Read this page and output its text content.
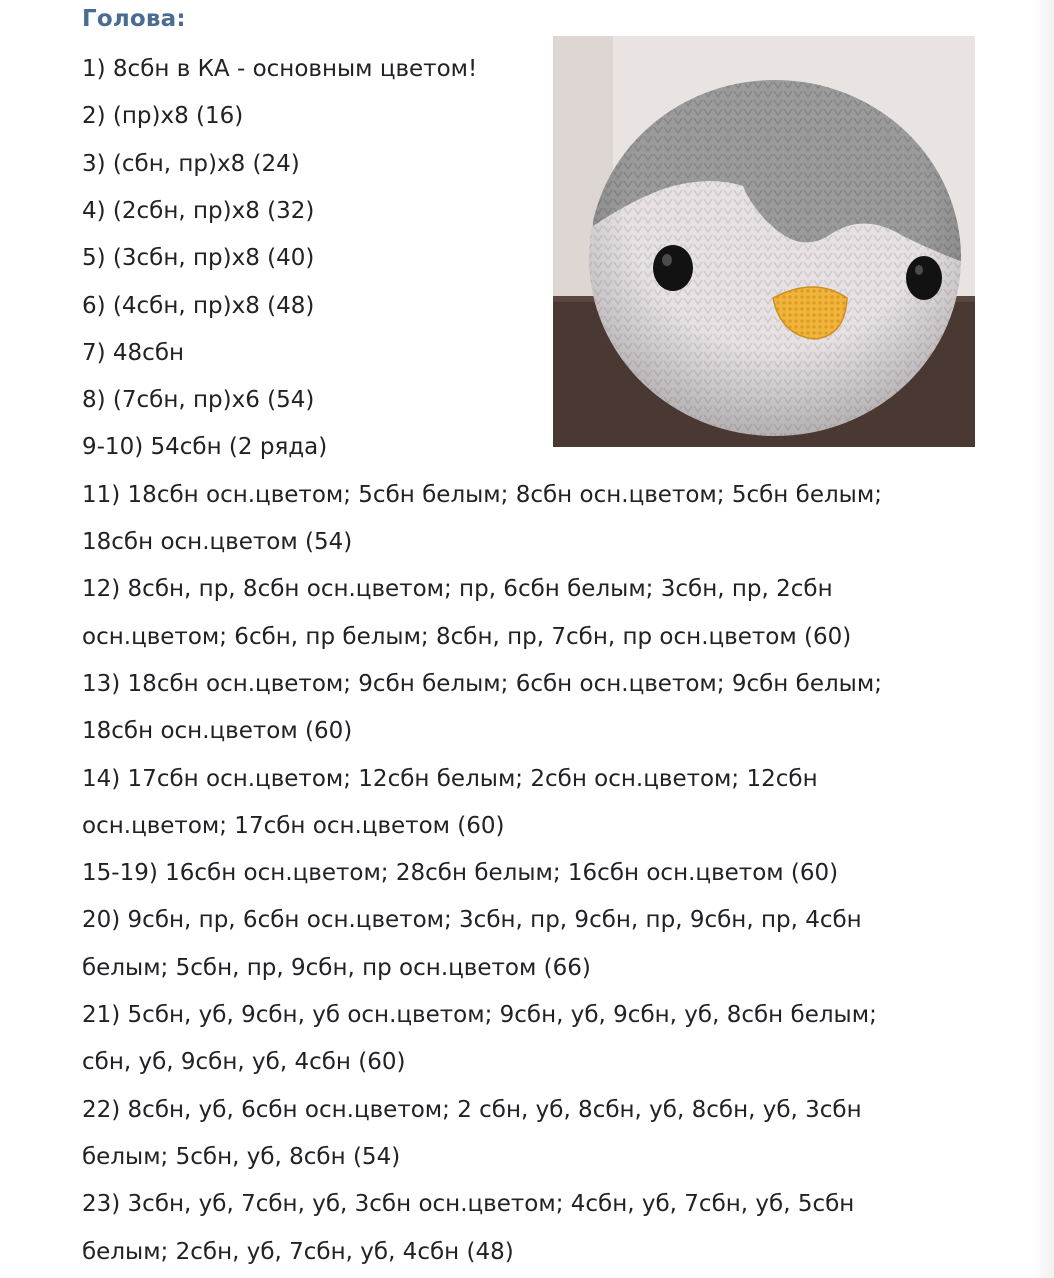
Голова:
1) 8сбн в КА - основным цветом!
2) (пр)х8 (16)
3) (сбн, пр)х8 (24)
4) (2сбн, пр)х8 (32)
5) (3сбн, пр)х8 (40)
6) (4сбн, пр)х8 (48)
7) 48сбн
8) (7сбн, пр)х6 (54)
9-10) 54сбн (2 ряда)
11) 18сбн осн.цветом; 5сбн белым; 8сбн осн.цветом; 5сбн белым;
18сбн осн.цветом (54)
12) 8сбн, пр, 8сбн осн.цветом; пр, 6сбн белым; 3сбн, пр, 2сбн
осн.цветом; 6сбн, пр белым; 8сбн, пр, 7сбн, пр осн.цветом (60)
13) 18сбн осн.цветом; 9сбн белым; 6сбн осн.цветом; 9сбн белым;
18сбн осн.цветом (60)
14) 17сбн осн.цветом; 12сбн белым; 2сбн осн.цветом; 12сбн
осн.цветом; 17сбн осн.цветом (60)
15-19) 16сбн осн.цветом; 28сбн белым; 16сбн осн.цветом (60)
20) 9сбн, пр, 6сбн осн.цветом; 3сбн, пр, 9сбн, пр, 9сбн, пр, 4сбн
белым; 5сбн, пр, 9сбн, пр осн.цветом (66)
21) 5сбн, уб, 9сбн, уб осн.цветом; 9сбн, уб, 9сбн, уб, 8сбн белым;
сбн, уб, 9сбн, уб, 4сбн (60)
22) 8сбн, уб, 6сбн осн.цветом; 2 сбн, уб, 8сбн, уб, 8сбн, уб, 3сбн
белым; 5сбн, уб, 8сбн (54)
23) 3сбн, уб, 7сбн, уб, 3сбн осн.цветом; 4сбн, уб, 7сбн, уб, 5сбн
белым; 2сбн, уб, 7сбн, уб, 4сбн (48)
